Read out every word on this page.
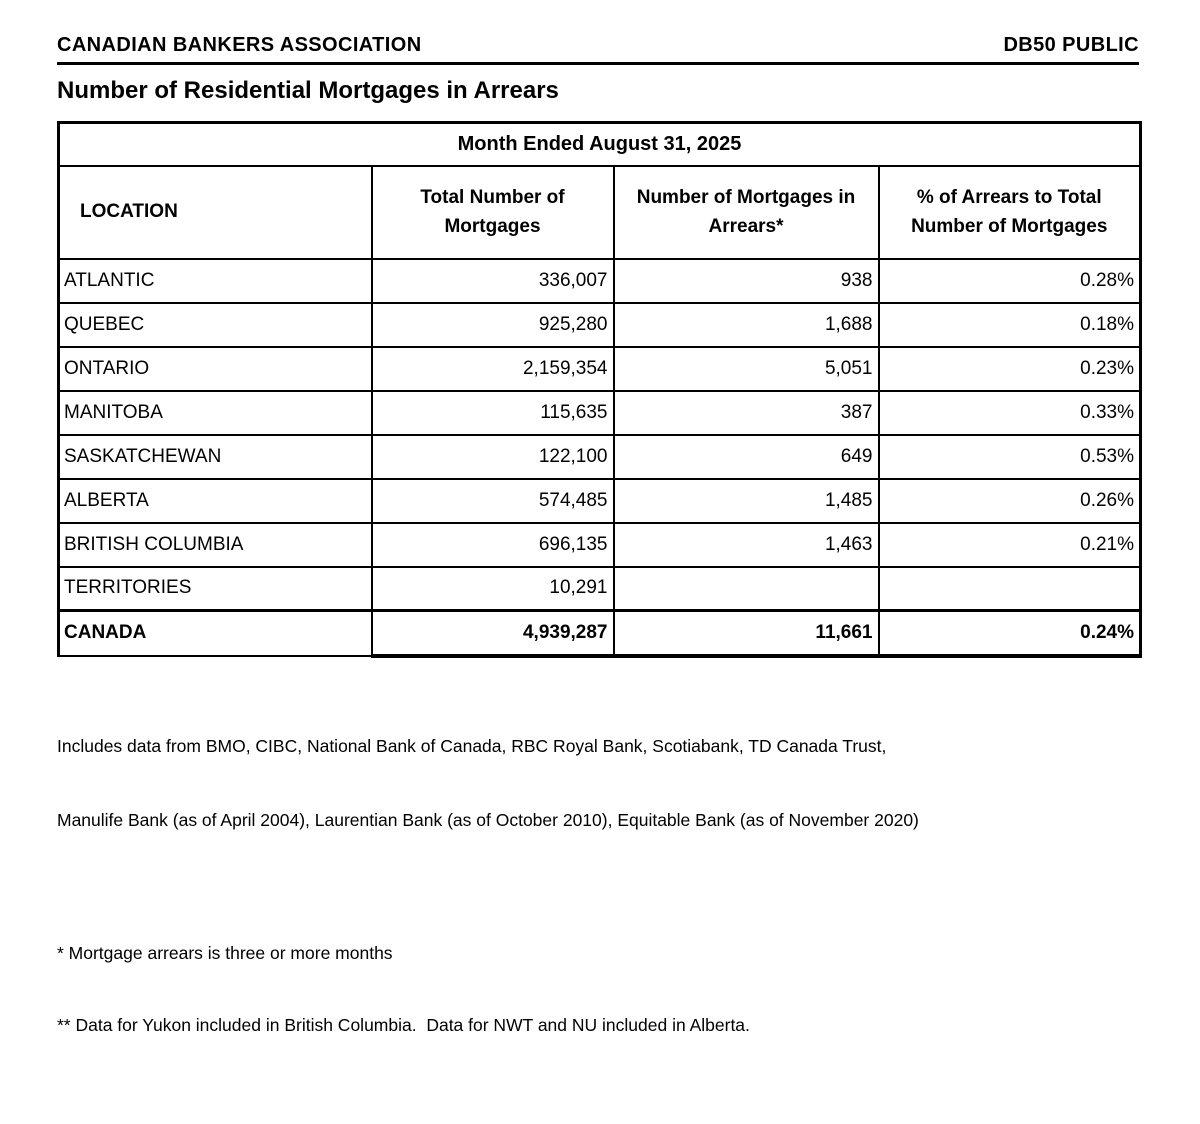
CANADIAN BANKERS ASSOCIATION	DB50 PUBLIC
Number of Residential Mortgages in Arrears
Month Ended August 31, 2025			
LOCATION	Total Number of Mortgages	Number of Mortgages in Arrears*	% of Arrears to Total Number of Mortgages
ATLANTIC	336,007	938	0.28%
QUEBEC	925,280	1,688	0.18%
ONTARIO	2,159,354	5,051	0.23%
MANITOBA	115,635	387	0.33%
SASKATCHEWAN	122,100	649	0.53%
ALBERTA	574,485	1,485	0.26%
BRITISH COLUMBIA	696,135	1,463	0.21%
TERRITORIES	10,291		
CANADA	4,939,287	11,661	0.24%

Includes data from BMO, CIBC, National Bank of Canada, RBC Royal Bank, Scotiabank, TD Canada Trust,

Manulife Bank (as of April 2004), Laurentian Bank (as of October 2010), Equitable Bank (as of November 2020)

* Mortgage arrears is three or more months

** Data for Yukon included in British Columbia.  Data for NWT and NU included in Alberta.
